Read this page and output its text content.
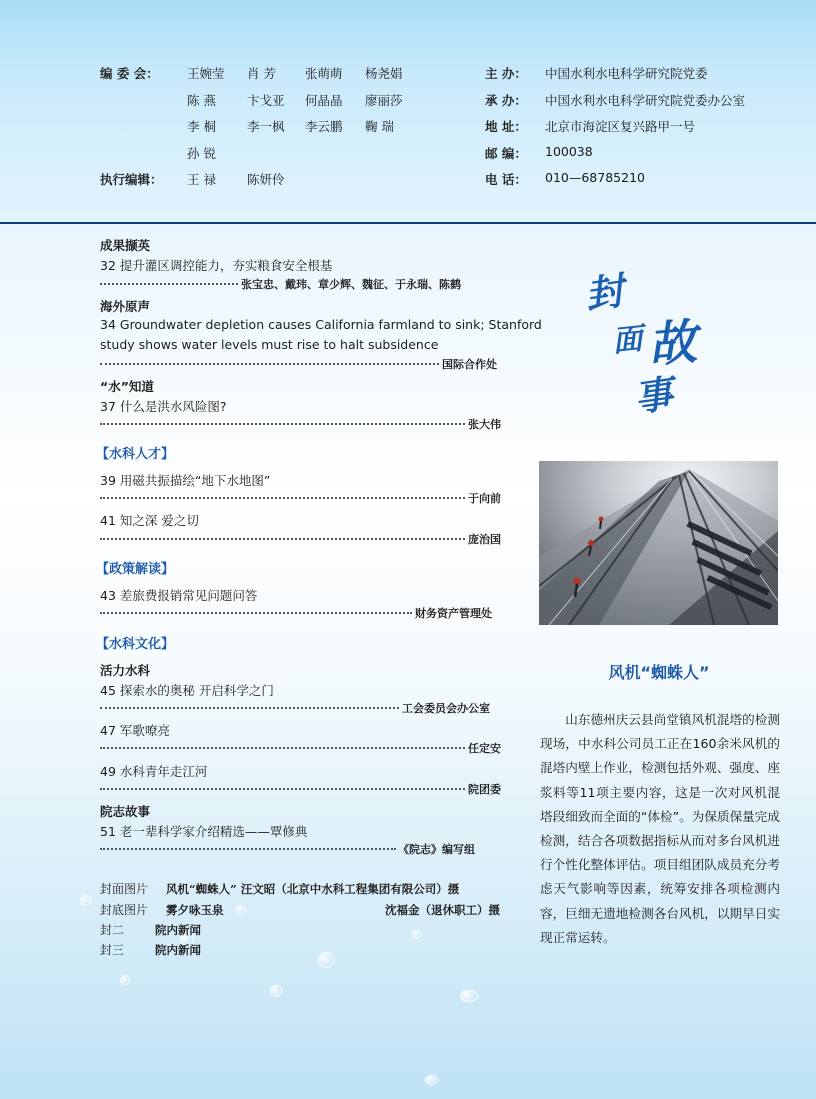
编 委 会： 王婉莹 肖 芳 张萌萌 杨尧娟
陈 燕 卞戈亚 何晶晶 廖丽莎
李 桐 李一枫 李云鹏 鞠 瑞
孙 锐
执行编辑： 王 禄 陈妍伶
主 办： 中国水利水电科学研究院党委
承 办： 中国水利水电科学研究院党委办公室
地 址： 北京市海淀区复兴路甲一号
邮 编： 100038
电 话： 010—68785210
成果撷英
32 提升灌区调控能力，夯实粮食安全根基
张宝忠、戴玮、章少辉、魏征、于永瑞、陈鹤
海外原声
34 Groundwater depletion causes California farmland to sink; Stanford
study shows water levels must rise to halt subsidence
国际合作处
“水”知道
37 什么是洪水风险图?
张大伟
【水科人才】
39 用磁共振描绘“地下水地图”
于向前
41 知之深 爱之切
庞治国
【政策解读】
43 差旅费报销常见问题问答
财务资产管理处
【水科文化】
活力水科
45 探索水的奥秘 开启科学之门
工会委员会办公室
47 军歌嘹亮
任定安
49 水科青年走江河
院团委
院志故事
51 老一辈科学家介绍精选——覃修典
《院志》编写组
封面图片 风机“蜘蛛人” 汪文昭（北京中水科工程集团有限公司）摄
封底图片 雾夕咏玉泉	沈福金（退休职工）摄
封二	院内新闻
封三	院内新闻
封
面 故
事
风机“蜘蛛人”
山东德州庆云县尚堂镇风机混塔的检测现场，中水科公司员工正在160余米风机的混塔内壁上作业，检测包括外观、强度、座浆料等11项主要内容，这是一次对风机混塔段细致而全面的“体检”。为保质保量完成检测，结合各项数据指标从而对多台风机进行个性化整体评估。项目组团队成员充分考虑天气影响等因素，统筹安排各项检测内容，巨细无遗地检测各台风机，以期早日实现正常运转。
